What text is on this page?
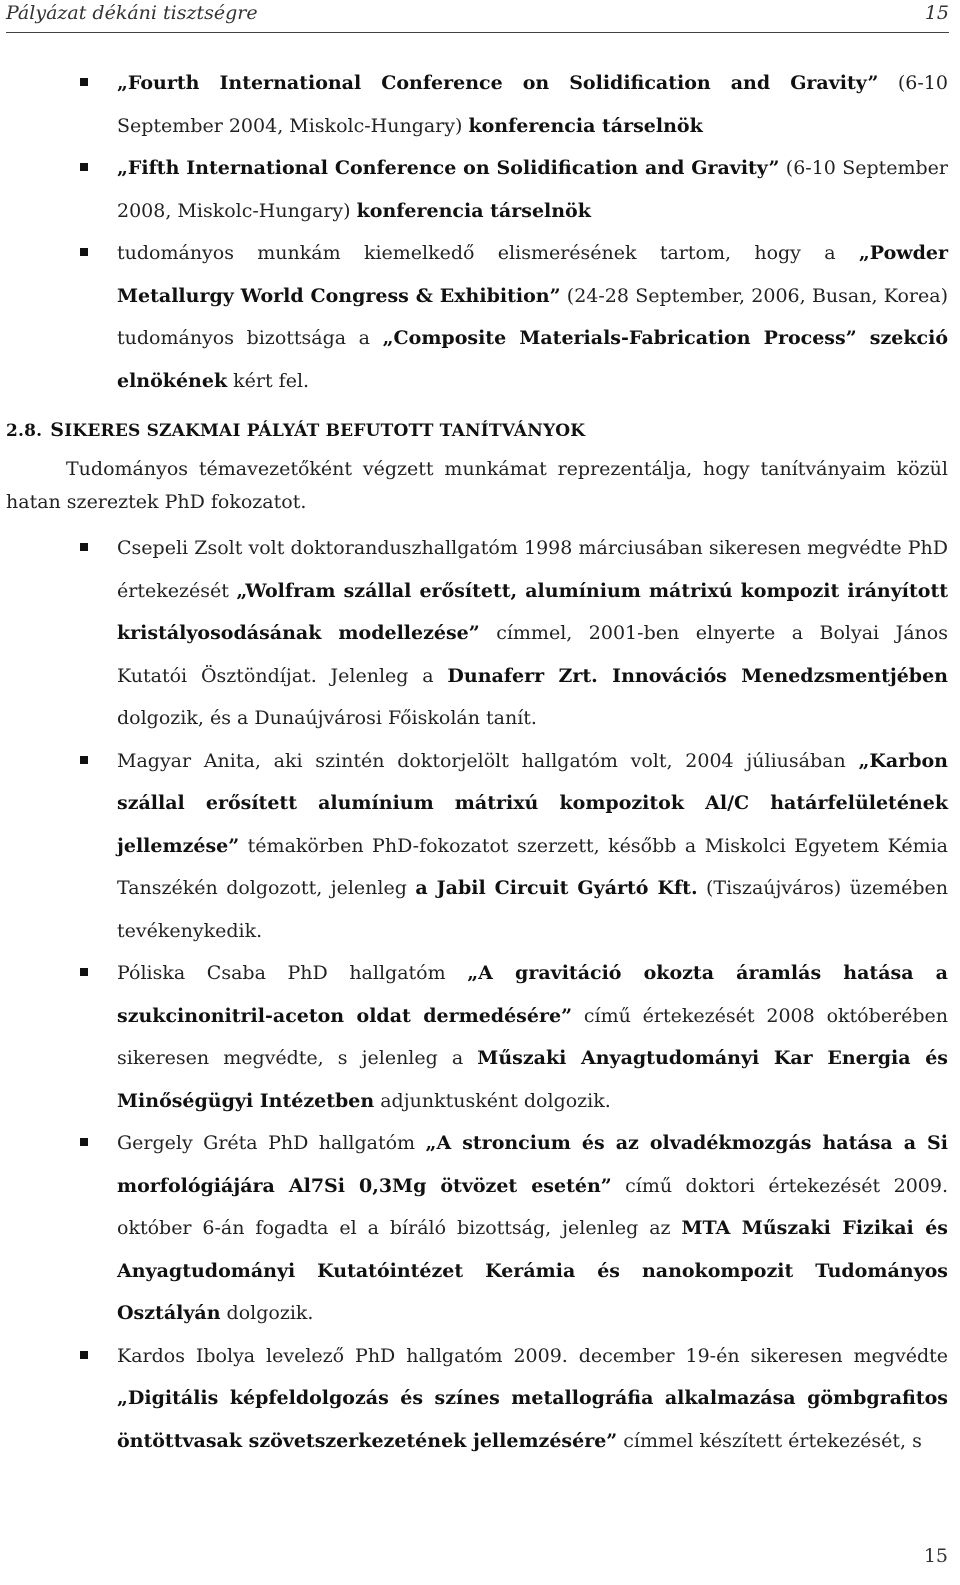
Pályázat dékáni tisztségre	15
„Fourth International Conference on Solidification and Gravity” (6-10 September 2004, Miskolc-Hungary) konferencia társelnök
„Fifth International Conference on Solidification and Gravity” (6-10 September 2008, Miskolc-Hungary) konferencia társelnök
tudományos munkám kiemelkedő elismerésének tartom, hogy a „Powder Metallurgy World Congress & Exhibition” (24-28 September, 2006, Busan, Korea) tudományos bizottsága a „Composite Materials-Fabrication Process” szekció elnökének kért fel.
2.8. SIKERES SZAKMAI PÁLYÁT BEFUTOTT TANÍTVÁNYOK
Tudományos témavezetőként végzett munkámat reprezentálja, hogy tanítványaim közül hatan szereztek PhD fokozatot.
Csepeli Zsolt volt doktoranduszhallgatóm 1998 márciusában sikeresen megvédte PhD értekezését „Wolfram szállal erősített, alumínium mátrixú kompozit irányított kristályosodásának modellezése” címmel, 2001-ben elnyerte a Bolyai János Kutatói Ösztöndíjat. Jelenleg a Dunaferr Zrt. Innovációs Menedzsmentjében dolgozik, és a Dunaújvárosi Főiskolán tanít.
Magyar Anita, aki szintén doktorjelölt hallgatóm volt, 2004 júliusában „Karbon szállal erősített alumínium mátrixú kompozitok Al/C határfelületének jellemzése” témakörben PhD-fokozatot szerzett, később a Miskolci Egyetem Kémia Tanszékén dolgozott, jelenleg a Jabil Circuit Gyártó Kft. (Tiszaújváros) üzemében tevékenykedik.
Póliska Csaba PhD hallgatóm „A gravitáció okozta áramlás hatása a szukcinonitril-aceton oldat dermedésére” című értekezését 2008 októberében sikeresen megvédte, s jelenleg a Műszaki Anyagtudományi Kar Energia és Minőségügyi Intézetben adjunktusként dolgozik.
Gergely Gréta PhD hallgatóm „A stroncium és az olvadékmozgás hatása a Si morfológiájára Al7Si 0,3Mg ötvözet esetén” című doktori értekezését 2009. október 6-án fogadta el a bíráló bizottság, jelenleg az MTA Műszaki Fizikai és Anyagtudományi Kutatóintézet Kerámia és nanokompozit Tudományos Osztályán dolgozik.
Kardos Ibolya levelező PhD hallgatóm 2009. december 19-én sikeresen megvédte „Digitális képfeldolgozás és színes metallográfia alkalmazása gömbgrafitos öntöttvasak szövetszerkezetének jellemzésére” címmel készített értekezését, s
15
